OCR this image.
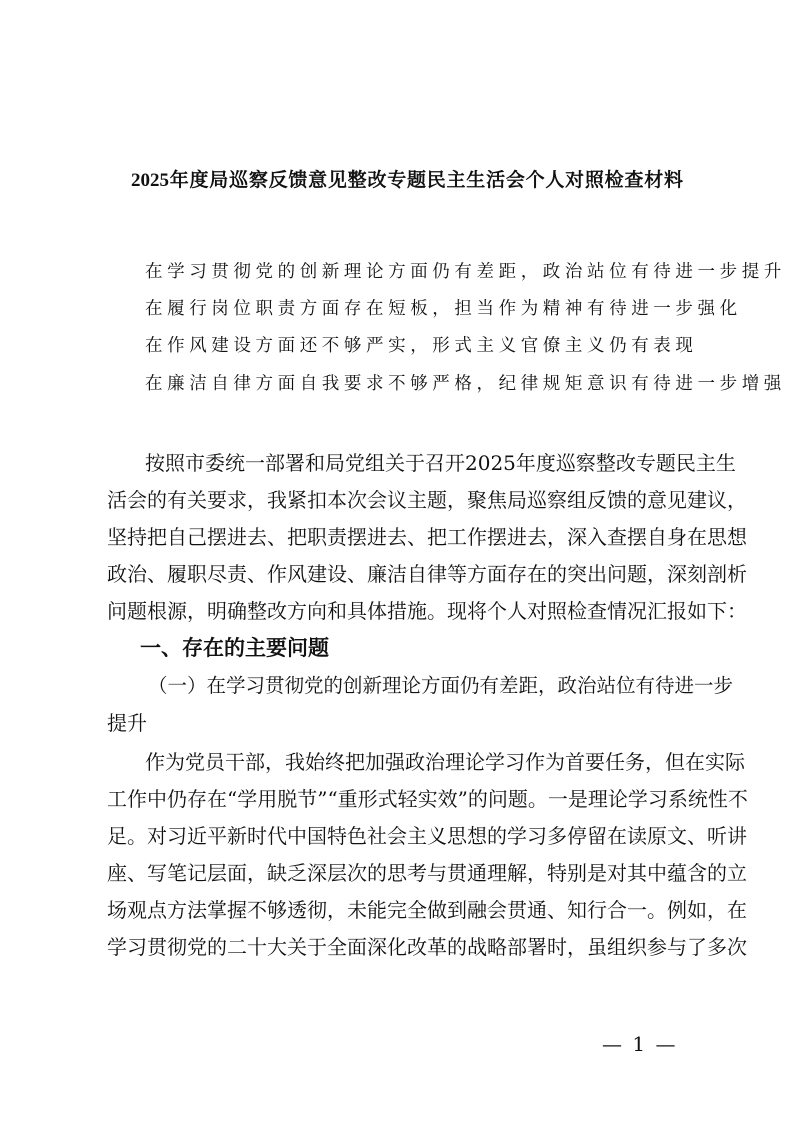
2025年度局巡察反馈意见整改专题民主生活会个人对照检查材料
在学习贯彻党的创新理论方面仍有差距，政治站位有待进一步提升
在履行岗位职责方面存在短板，担当作为精神有待进一步强化
在作风建设方面还不够严实，形式主义官僚主义仍有表现
在廉洁自律方面自我要求不够严格，纪律规矩意识有待进一步增强
按照市委统一部署和局党组关于召开2025年度巡察整改专题民主生
活会的有关要求，我紧扣本次会议主题，聚焦局巡察组反馈的意见建议，
坚持把自己摆进去、把职责摆进去、把工作摆进去，深入查摆自身在思想
政治、履职尽责、作风建设、廉洁自律等方面存在的突出问题，深刻剖析
问题根源，明确整改方向和具体措施。现将个人对照检查情况汇报如下：
一、存在的主要问题
（一）在学习贯彻党的创新理论方面仍有差距，政治站位有待进一步
提升
作为党员干部，我始终把加强政治理论学习作为首要任务，但在实际
工作中仍存在“学用脱节”“重形式轻实效”的问题。一是理论学习系统性不
足。对习近平新时代中国特色社会主义思想的学习多停留在读原文、听讲
座、写笔记层面，缺乏深层次的思考与贯通理解，特别是对其中蕴含的立
场观点方法掌握不够透彻，未能完全做到融会贯通、知行合一。例如，在
学习贯彻党的二十大关于全面深化改革的战略部署时，虽组织参与了多次
— 1 —
